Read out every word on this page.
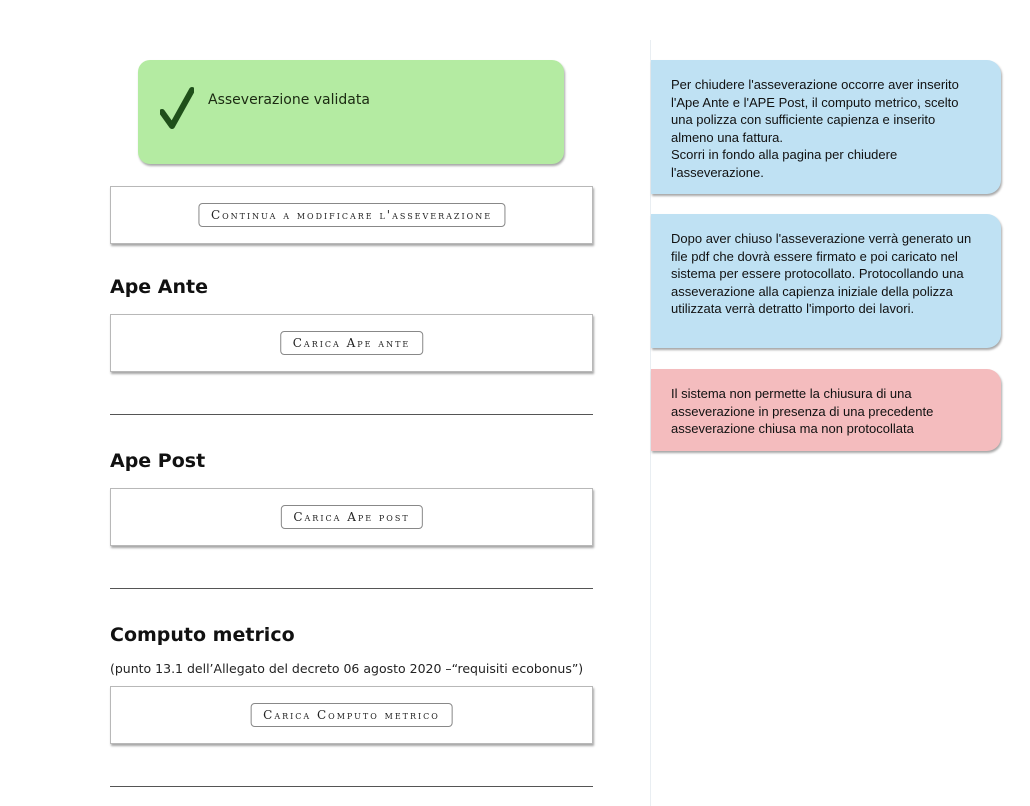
Asseverazione validata
Continua a modificare l'asseverazione
Ape Ante
Carica Ape ante
Ape Post
Carica Ape post
Computo metrico
(punto 13.1 dell’Allegato del decreto 06 agosto 2020 –“requisiti ecobonus”)
Carica Computo metrico

Per chiudere l'asseverazione occorre aver inserito l'Ape Ante e l'APE Post, il computo metrico, scelto una polizza con sufficiente capienza e inserito almeno una fattura.

Scorri in fondo alla pagina per chiudere l'asseverazione.

Dopo aver chiuso l'asseverazione verrà generato un file pdf che dovrà essere firmato e poi caricato nel sistema per essere protocollato. Protocollando una asseverazione alla capienza iniziale della polizza utilizzata verrà detratto l'importo dei lavori.

Il sistema non permette la chiusura di una asseverazione in presenza di una precedente asseverazione chiusa ma non protocollata
